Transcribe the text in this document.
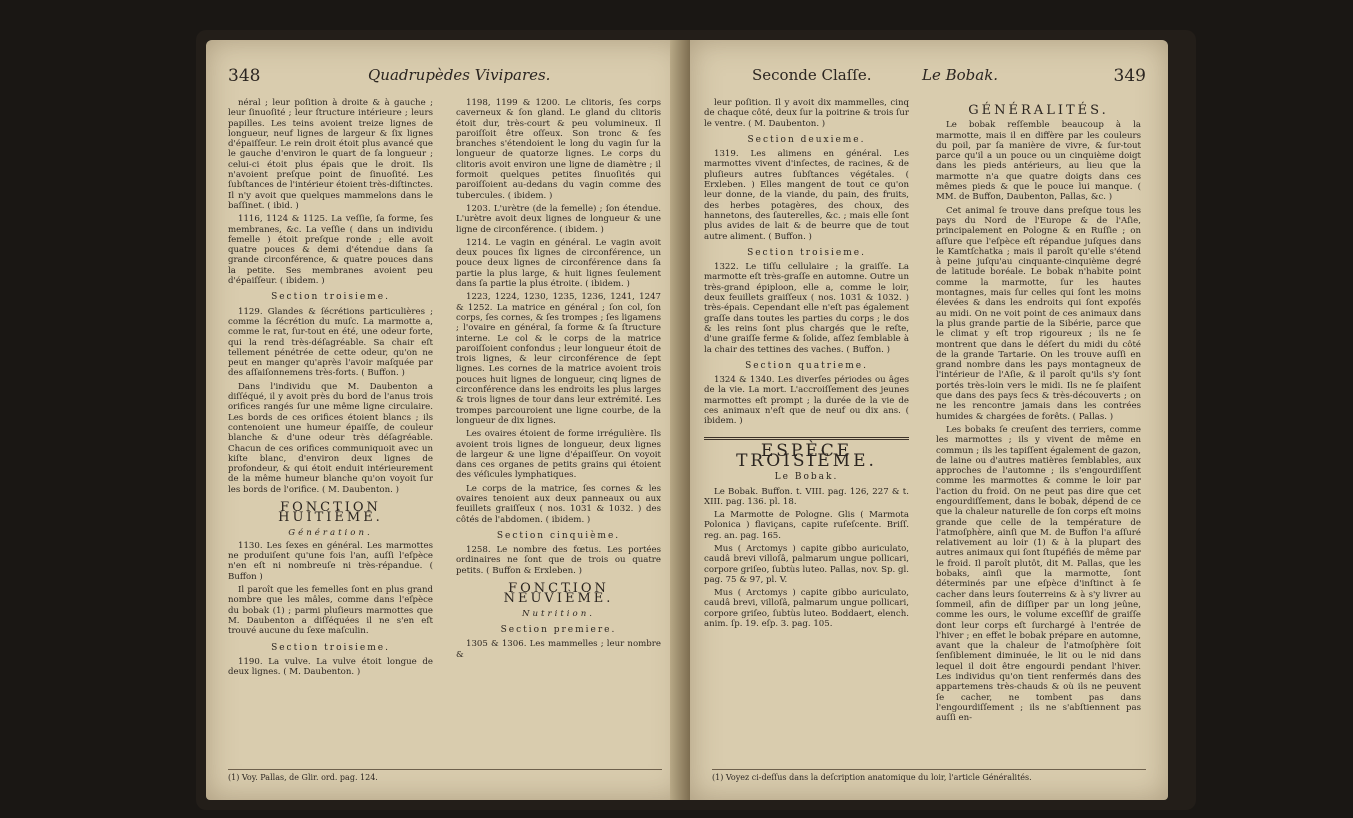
348	Quadrupèdes Vivipares.

néral ; leur poſition à droite & à gauche ; leur ſinuoſité ; leur ſtructure intérieure ; leurs papilles. Les teins avoient treize lignes de longueur, neuf lignes de largeur & ſix lignes d'épaiſſeur. Le rein droit étoit plus avancé que le gauche d'environ le quart de ſa longueur ; celui-ci étoit plus épais que le droit. Ils n'avoient preſque point de ſinuoſité. Les ſubſtances de l'intérieur étoient très-diſtinctes. Il n'y avoit que quelques mammelons dans le baſſinet. ( ibid. )

1116, 1124 & 1125. La veſſie, ſa forme, ſes membranes, &c. La veſſie ( dans un individu femelle ) étoit preſque ronde ; elle avoit quatre pouces & demi d'étendue dans ſa grande circonférence, & quatre pouces dans la petite. Ses membranes avoient peu d'épaiſſeur. ( ibidem. )

Section troisieme.

1129. Glandes & ſécrétions particulières ; comme la ſécrétion du muſc. La marmotte a, comme le rat, ſur-tout en été, une odeur forte, qui la rend très-déſagréable. Sa chair eſt tellement pénétrée de cette odeur, qu'on ne peut en manger qu'après l'avoir maſquée par des aſſaiſonnemens très-forts. ( Buffon. )

Dans l'individu que M. Daubenton a diſſéqué, il y avoit près du bord de l'anus trois orifices rangés ſur une même ligne circulaire. Les bords de ces orifices étoient blancs ; ils contenoient une humeur épaiſſe, de couleur blanche & d'une odeur très déſagréable. Chacun de ces orifices communiquoit avec un kiſte blanc, d'environ deux lignes de profondeur, & qui étoit enduit intérieurement de la même humeur blanche qu'on voyoit ſur les bords de l'orifice. ( M. Daubenton. )

FONCTION HUITIÈME.

Génération.

1130. Les ſexes en général. Les marmottes ne produiſent qu'une fois l'an, auſſi l'eſpèce n'en eſt ni nombreuſe ni très-répandue. ( Buffon )

Il paroît que les femelles ſont en plus grand nombre que les mâles, comme dans l'eſpèce du bobak (1) ; parmi pluſieurs marmottes que M. Daubenton a diſſéquées il ne s'en eſt trouvé aucune du ſexe maſculin.

Section troisieme.

1190. La vulve. La vulve étoit longue de deux lignes. ( M. Daubenton. )

1198, 1199 & 1200. Le clitoris, ſes corps caverneux & ſon gland. Le gland du clitoris étoit dur, très-court & peu volumineux. Il paroiſſoit être oſſeux. Son tronc & ſes branches s'étendoient le long du vagin ſur la longueur de quatorze lignes. Le corps du clitoris avoit environ une ligne de diamètre ; il formoit quelques petites ſinuoſités qui paroiſſoient au-dedans du vagin comme des tubercules. ( ibidem. )

1203. L'urètre (de la femelle) ; ſon étendue. L'urètre avoit deux lignes de longueur & une ligne de circonférence. ( ibidem. )

1214. Le vagin en général. Le vagin avoit deux pouces ſix lignes de circonférence, un pouce deux lignes de circonférence dans ſa partie la plus large, & huit lignes ſeulement dans ſa partie la plus étroite. ( ibidem. )

1223, 1224, 1230, 1235, 1236, 1241, 1247 & 1252. La matrice en général ; ſon col, ſon corps, ſes cornes, & ſes trompes ; ſes ligamens ; l'ovaire en général, ſa forme & ſa ſtructure interne. Le col & le corps de la matrice paroiſſoient confondus ; leur longueur étoit de trois lignes, & leur circonférence de ſept lignes. Les cornes de la matrice avoient trois pouces huit lignes de longueur, cinq lignes de circonférence dans les endroits les plus larges & trois lignes de tour dans leur extrémité. Les trompes parcouroient une ligne courbe, de la longueur de dix lignes.

Les ovaires étoient de forme irrégulière. Ils avoient trois lignes de longueur, deux lignes de largeur & une ligne d'épaiſſeur. On voyoit dans ces organes de petits grains qui étoient des véſicules lymphatiques.

Le corps de la matrice, ſes cornes & les ovaires tenoient aux deux panneaux ou aux feuillets graiſſeux ( nos. 1031 & 1032. ) des côtés de l'abdomen. ( ibidem. )

Section cinquième.

1258. Le nombre des fœtus. Les portées ordinaires ne ſont que de trois ou quatre petits. ( Buffon & Erxleben. )

FONCTION NEUVIÈME.

Nutrition.

Section premiere.

1305 & 1306. Les mammelles ; leur nombre &

(1) Voy. Pallas, de Glir. ord. pag. 124.
Seconde Claſſe.	Le Bobak.	349

leur poſition. Il y avoit dix mammelles, cinq de chaque côté, deux ſur la poitrine & trois ſur le ventre. ( M. Daubenton. )

Section deuxieme.

1319. Les alimens en général. Les marmottes vivent d'inſectes, de racines, & de pluſieurs autres ſubſtances végétales. ( Erxleben. ) Elles mangent de tout ce qu'on leur donne, de la viande, du pain, des fruits, des herbes potagères, des choux, des hannetons, des ſauterelles, &c. ; mais elle ſont plus avides de lait & de beurre que de tout autre aliment. ( Buffon. )

Section troisieme.

1322. Le tiſſu cellulaire ; la graiſſe. La marmotte eſt très-graſſe en automne. Outre un très-grand épiploon, elle a, comme le loir, deux feuillets graiſſeux ( nos. 1031 & 1032. ) très-épais. Cependant elle n'eſt pas également graſſe dans toutes les parties du corps ; le dos & les reins ſont plus chargés que le reſte, d'une graiſſe ferme & ſolide, aſſez ſemblable à la chair des tettines des vaches. ( Buffon. )

Section quatrieme.

1324 & 1340. Les diverſes périodes ou âges de la vie. La mort. L'accroiſſement des jeunes marmottes eſt prompt ; la durée de la vie de ces animaux n'eſt que de neuf ou dix ans. ( ibidem. )

ESPÈCE TROISIÈME.

Le Bobak.

Le Bobak. Buffon. t. VIII. pag. 126, 227 & t. XIII. pag. 136. pl. 18.

La Marmotte de Pologne. Glis ( Marmota Polonica ) flaviçans, capite ruſeſcente. Briſſ. reg. an. pag. 165.

Mus ( Arctomys ) capite gibbo auriculato, caudâ brevi villoſâ, palmarum ungue pollicari, corpore griſeo, ſubtùs luteo. Pallas, nov. Sp. gl. pag. 75 & 97, pl. V.

Mus ( Arctomys ) capite gibbo auriculato, caudâ brevi, villoſâ, palmarum ungue pollicari, corpore griſeo, ſubtùs luteo. Boddaert, elench. anim. ſp. 19. eſp. 3. pag. 105.

GÉNÉRALITÉS.

Le bobak reſſemble beaucoup à la marmotte, mais il en diffère par les couleurs du poil, par ſa manière de vivre, & ſur-tout parce qu'il a un pouce ou un cinquième doigt dans les pieds antérieurs, au lieu que la marmotte n'a que quatre doigts dans ces mêmes pieds & que le pouce lui manque. ( MM. de Buffon, Daubenton, Pallas, &c. )

Cet animal ſe trouve dans preſque tous les pays du Nord de l'Europe & de l'Aſie, principalement en Pologne & en Ruſſie ; on aſſure que l'eſpèce eſt répandue juſques dans le Kamtſchatka ; mais il paroît qu'elle s'étend à peine juſqu'au cinquante-cinquième degré de latitude boréale. Le bobak n'habite point comme la marmotte, ſur les hautes montagnes, mais ſur celles qui ſont les moins élevées & dans les endroits qui ſont expoſés au midi. On ne voit point de ces animaux dans la plus grande partie de la Sibérie, parce que le climat y eſt trop rigoureux ; ils ne ſe montrent que dans le déſert du midi du côté de la grande Tartarie. On les trouve auſſi en grand nombre dans les pays montagneux de l'intérieur de l'Aſie, & il paroît qu'ils s'y ſont portés très-loin vers le midi. Ils ne ſe plaiſent que dans des pays ſecs & très-découverts ; on ne les rencontre jamais dans les contrées humides & chargées de forêts. ( Pallas. )

Les bobaks ſe creuſent des terriers, comme les marmottes ; ils y vivent de même en commun ; ils les tapiſſent également de gazon, de laine ou d'autres matières ſemblables, aux approches de l'automne ; ils s'engourdiſſent comme les marmottes & comme le loir par l'action du froid. On ne peut pas dire que cet engourdiſſement, dans le bobak, dépend de ce que la chaleur naturelle de ſon corps eſt moins grande que celle de la température de l'atmoſphère, ainſi que M. de Buffon l'a aſſuré relativement au loir (1) & à la plupart des autres animaux qui ſont ſtupéfiés de même par le froid. Il paroît plutôt, dit M. Pallas, que les bobaks, ainſi que la marmotte, ſont déterminés par une eſpèce d'inſtinct à ſe cacher dans leurs ſouterreins & à s'y livrer au ſommeil, afin de diſſiper par un long jeûne, comme les ours, le volume exceſſif de graiſſe dont leur corps eſt ſurchargé à l'entrée de l'hiver ; en effet le bobak prépare en automne, avant que la chaleur de l'atmoſphère ſoit ſenſiblement diminuée, le lit ou le nid dans lequel il doit être engourdi pendant l'hiver. Les individus qu'on tient renfermés dans des appartemens très-chauds & où ils ne peuvent ſe cacher, ne tombent pas dans l'engourdiſſement ; ils ne s'abſtiennent pas auſſi en-

(1) Voyez ci-deſſus dans la deſcription anatomique du loir, l'article Généralités.
